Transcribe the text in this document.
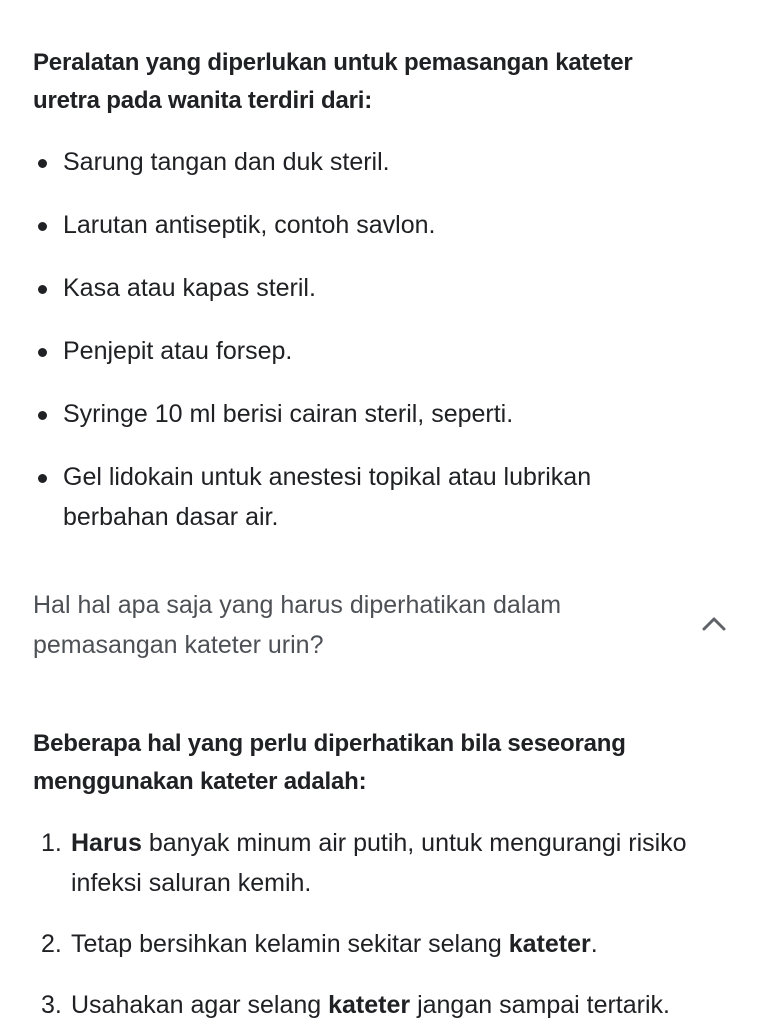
Peralatan yang diperlukan untuk pemasangan kateter uretra pada wanita terdiri dari:

Sarung tangan dan duk steril.
Larutan antiseptik, contoh savlon.
Kasa atau kapas steril.
Penjepit atau forsep.
Syringe 10 ml berisi cairan steril, seperti.
Gel lidokain untuk anestesi topikal atau lubrikan berbahan dasar air.
Hal hal apa saja yang harus diperhatikan dalam pemasangan kateter urin?

Beberapa hal yang perlu diperhatikan bila seseorang menggunakan kateter adalah:

1. Harus banyak minum air putih, untuk mengurangi risiko infeksi saluran kemih.
2. Tetap bersihkan kelamin sekitar selang kateter.
3. Usahakan agar selang kateter jangan sampai tertarik.
